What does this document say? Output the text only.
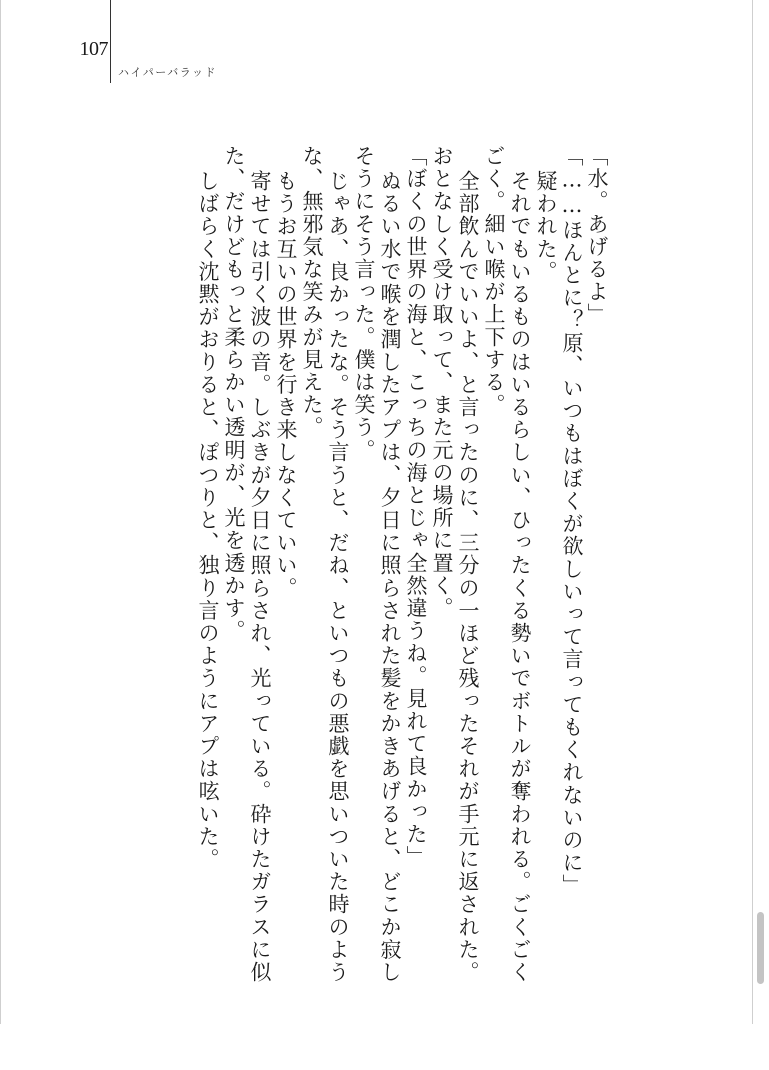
107
ハイパーバラッド
「水。あげるよ」
「……ほんとに？原、いつもはぼくが欲しいって言ってもくれないのに」
疑われた。
それでもいるものはいるらしい、ひったくる勢いでボトルが奪われる。ごくごく
ごく。細い喉が上下する。
全部飲んでいいよ、と言ったのに、三分の一ほど残ったそれが手元に返された。
おとなしく受け取って、また元の場所に置く。
「ぼくの世界の海と、こっちの海とじゃ全然違うね。見れて良かった」
ぬるい水で喉を潤したアプは、夕日に照らされた髪をかきあげると、どこか寂し
そうにそう言った。僕は笑う。
じゃあ、良かったな。そう言うと、だね、といつもの悪戯を思いついた時のよう
な、無邪気な笑みが見えた。
もうお互いの世界を行き来しなくていい。
寄せては引く波の音。しぶきが夕日に照らされ、光っている。砕けたガラスに似
た、だけどもっと柔らかい透明が、光を透かす。
しばらく沈黙がおりると、ぽつりと、独り言のようにアプは呟いた。
